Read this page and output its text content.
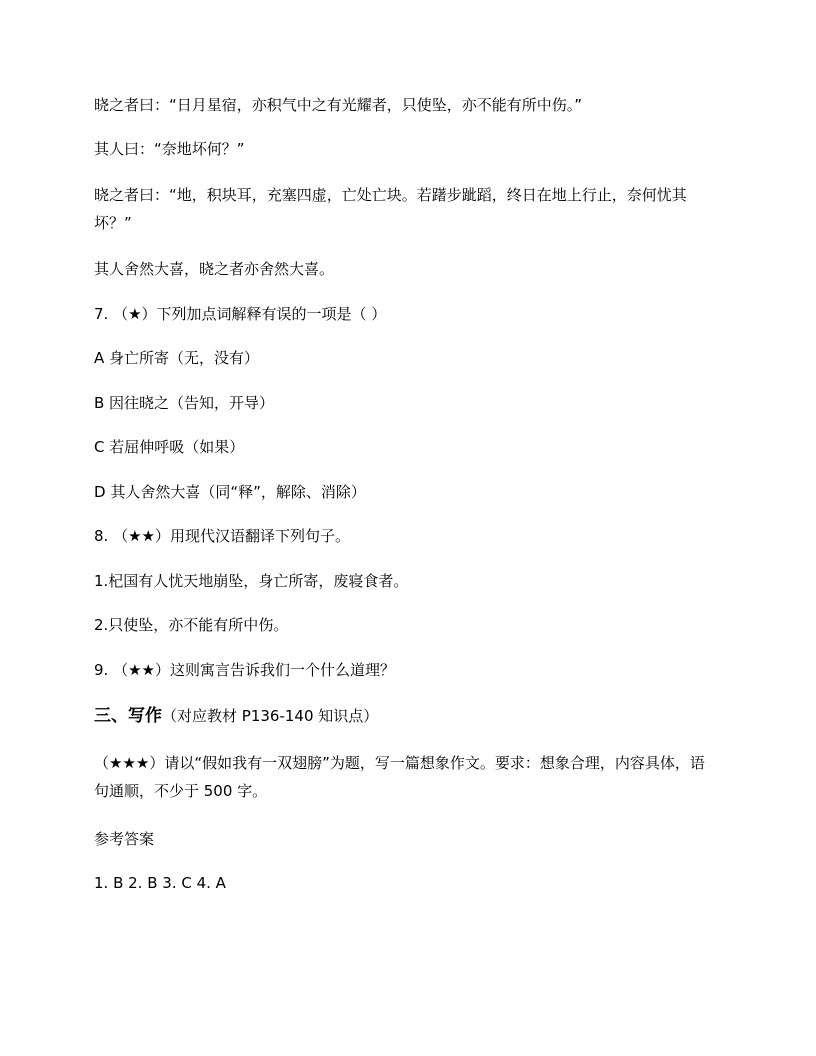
晓之者曰：“日月星宿，亦积气中之有光耀者，只使坠，亦不能有所中伤。”
其人曰：“奈地坏何？”
晓之者曰：“地，积块耳，充塞四虚，亡处亡块。若躇步跐蹈，终日在地上行止，奈何忧其坏？”
其人舍然大喜，晓之者亦舍然大喜。
7. （★）下列加点词解释有误的一项是（ ）
A 身亡所寄（无，没有）
B 因往晓之（告知，开导）
C 若屈伸呼吸（如果）
D 其人舍然大喜（同“释”，解除、消除）
8. （★★）用现代汉语翻译下列句子。
1.杞国有人忧天地崩坠，身亡所寄，废寝食者。
2.只使坠，亦不能有所中伤。
9. （★★）这则寓言告诉我们一个什么道理？
三、写作（对应教材 P136-140 知识点）
（★★★）请以“假如我有一双翅膀”为题，写一篇想象作文。要求：想象合理，内容具体，语句通顺，不少于 500 字。
参考答案
1. B 2. B 3. C 4. A
